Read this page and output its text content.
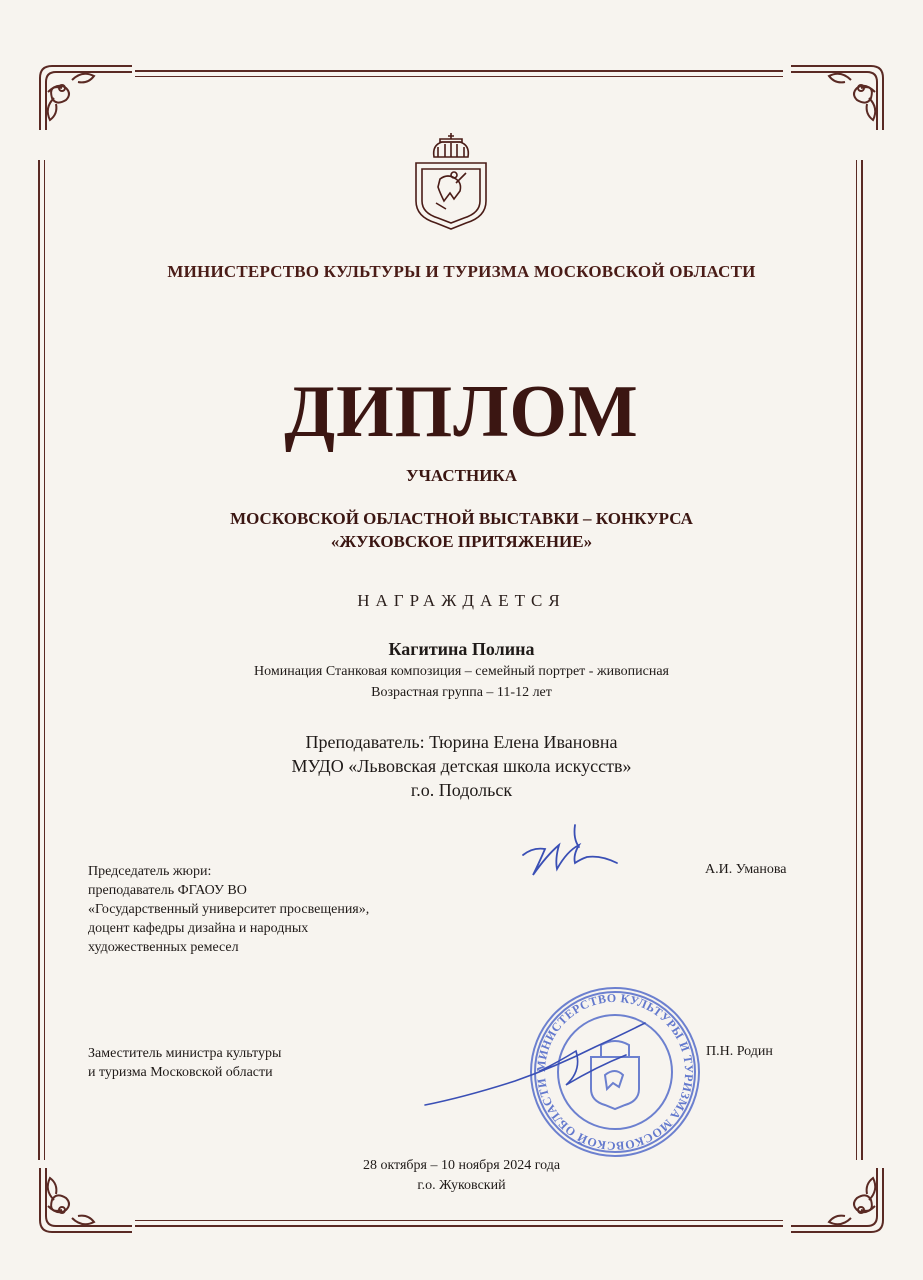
МИНИСТЕРСТВО КУЛЬТУРЫ И ТУРИЗМА МОСКОВСКОЙ ОБЛАСТИ
ДИПЛОМ
УЧАСТНИКА
МОСКОВСКОЙ ОБЛАСТНОЙ ВЫСТАВКИ – КОНКУРСА
«ЖУКОВСКОЕ ПРИТЯЖЕНИЕ»
НАГРАЖДАЕТСЯ
Кагитина Полина
Номинация Станковая композиция – семейный портрет - живописная
Возрастная группа – 11-12 лет
Преподаватель: Тюрина Елена Ивановна
МУДО «Львовская детская школа искусств»
г.о. Подольск
Председатель жюри:
преподаватель ФГАОУ ВО
«Государственный университет просвещения»,
доцент кафедры дизайна и народных
художественных ремесел
А.И. Уманова
Заместитель министра культуры
и туризма Московской области
П.Н. Родин
МИНИСТЕРСТВО КУЛЬТУРЫ И ТУРИЗМА МОСКОВСКОЙ ОБЛАСТИ
28 октября – 10 ноября 2024 года
г.о. Жуковский
